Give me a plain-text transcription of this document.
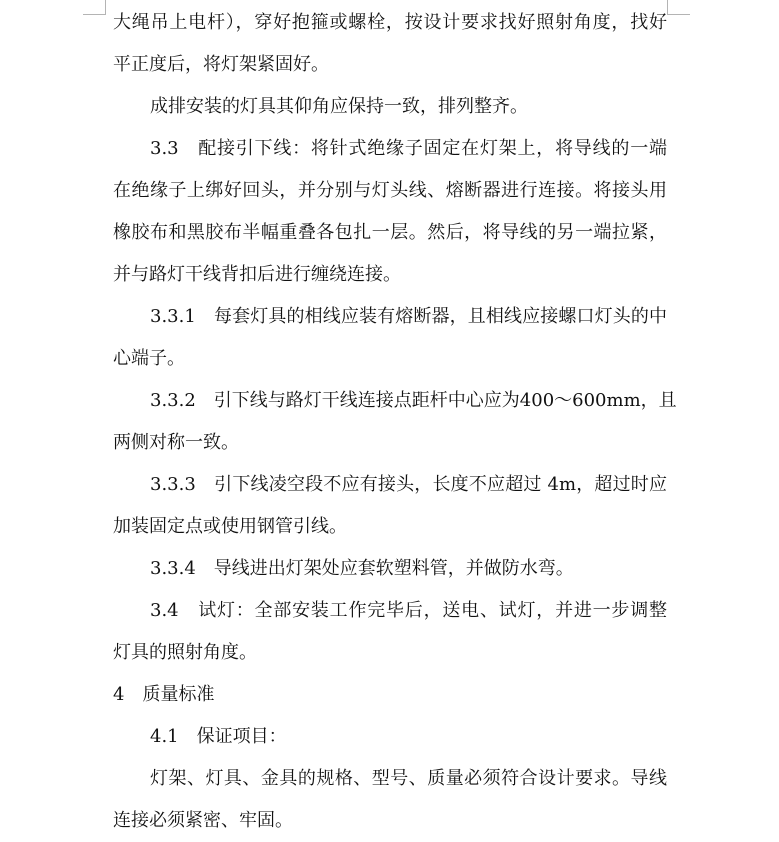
大绳吊上电杆），穿好抱箍或螺栓，按设计要求找好照射角度，找好
平正度后，将灯架紧固好。
成排安装的灯具其仰角应保持一致，排列整齐。
3.3　配接引下线：将针式绝缘子固定在灯架上，将导线的一端
在绝缘子上绑好回头，并分别与灯头线、熔断器进行连接。将接头用
橡胶布和黑胶布半幅重叠各包扎一层。然后，将导线的另一端拉紧，
并与路灯干线背扣后进行缠绕连接。
3.3.1　每套灯具的相线应装有熔断器，且相线应接螺口灯头的中
心端子。
3.3.2　引下线与路灯干线连接点距杆中心应为400～600mm，且
两侧对称一致。
3.3.3　引下线凌空段不应有接头，长度不应超过 4m，超过时应
加装固定点或使用钢管引线。
3.3.4　导线进出灯架处应套软塑料管，并做防水弯。
3.4　试灯：全部安装工作完毕后，送电、试灯，并进一步调整
灯具的照射角度。
4　质量标准
4.1　保证项目：
灯架、灯具、金具的规格、型号、质量必须符合设计要求。导线
连接必须紧密、牢固。
